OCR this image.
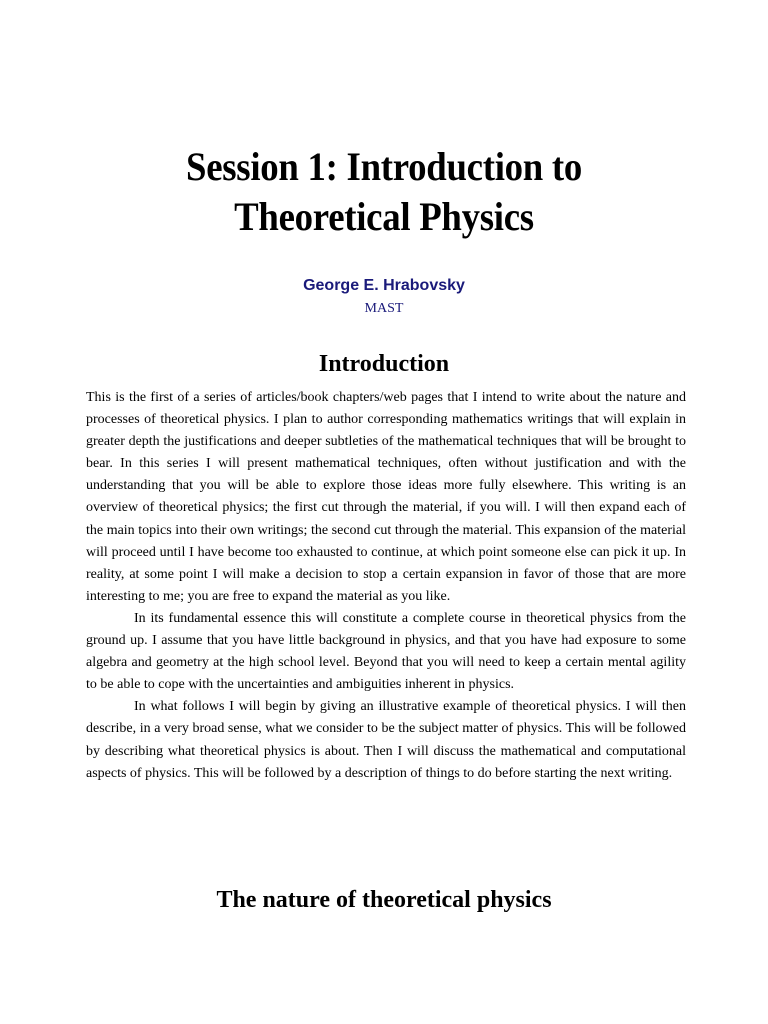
Session 1: Introduction to
Theoretical Physics
George E. Hrabovsky
MAST
Introduction

This is the first of a series of articles/book chapters/web pages that I intend to write about the nature and processes of theoretical physics. I plan to author corresponding mathematics writings that will explain in greater depth the justifications and deeper subtleties of the mathematical techniques that will be brought to bear. In this series I will present mathematical techniques, often without justification and with the understanding that you will be able to explore those ideas more fully elsewhere. This writing is an overview of theoretical physics; the first cut through the material, if you will. I will then expand each of the main topics into their own writings; the second cut through the material. This expansion of the material will proceed until I have become too exhausted to continue, at which point someone else can pick it up. In reality, at some point I will make a decision to stop a certain expansion in favor of those that are more interesting to me; you are free to expand the material as you like.

In its fundamental essence this will constitute a complete course in theoretical physics from the ground up. I assume that you have little background in physics, and that you have had exposure to some algebra and geometry at the high school level. Beyond that you will need to keep a certain mental agility to be able to cope with the uncertainties and ambiguities inherent in physics.

In what follows I will begin by giving an illustrative example of theoretical physics. I will then describe, in a very broad sense, what we consider to be the subject matter of physics. This will be followed by describing what theoretical physics is about. Then I will discuss the mathematical and computational aspects of physics. This will be followed by a description of things to do before starting the next writing.

The nature of theoretical physics
